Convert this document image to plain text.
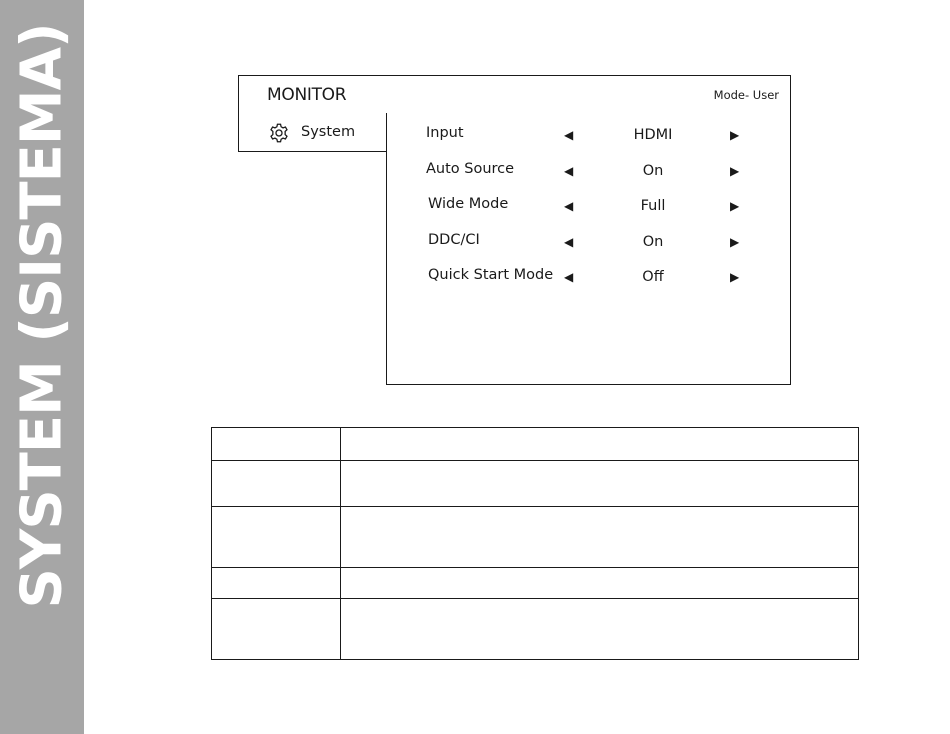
SYSTEM (SISTEMA)	MONITOR	Mode- User
System	Input	◀	HDMI	▶
Auto Source	◀	On	▶
Wide Mode	◀	Full	▶
DDC/CI	◀	On	▶
Quick Start Mode ◀	Off	▶
